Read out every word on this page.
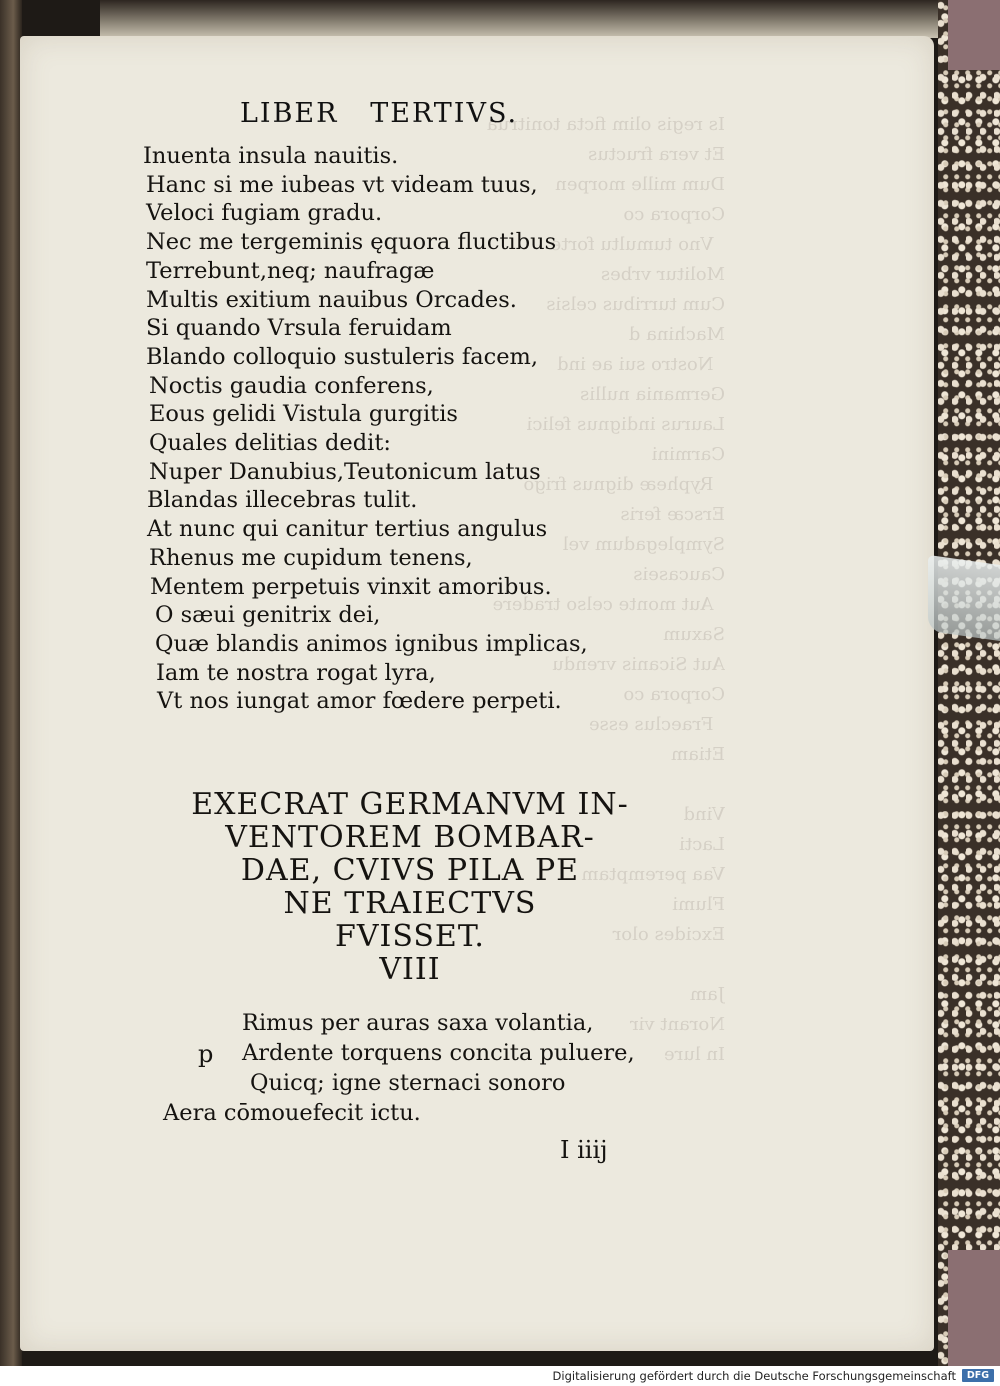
Is regis olim ficta tonitrua
Et vera fructus
Dum mille morpen
Corpora co
Vno tumultu forte
Molitur vrbes
Cum turribus celsis
Machina d
Nostro sui ae ind
Germania nullis
Laurus indignus felici
Carmini
Rypheæ dignus frigo
Erscæ feris
Symplegadum vel
Caucaseis
Aut monte celso tradere
Saxum
Aut Sicanis vrendu
Corpora co
Fraeclus esse
Etiam

Vind
Lacti
Vaa peremptam
Flumi
Excides olor

Jam
Norant vir
In lure
LIBER   TERTIVS.
Inuenta insula nauitis.
Hanc si me iubeas vt videam tuus,
Veloci fugiam gradu.
Nec me tergeminis ęquora fluctibus
Terrebunt,neq; naufragæ
Multis exitium nauibus Orcades.
Si quando Vrsula feruidam
Blando colloquio sustuleris facem,
Noctis gaudia conferens,
Eous gelidi Vistula gurgitis
Quales delitias dedit:
Nuper Danubius,Teutonicum latus
Blandas illecebras tulit.
At nunc qui canitur tertius angulus
Rhenus me cupidum tenens,
Mentem perpetuis vinxit amoribus.
O sæui genitrix dei,
Quæ blandis animos ignibus implicas,
Iam te nostra rogat lyra,
Vt nos iungat amor fœdere perpeti.
EXECRAT GERMANVM IN-
VENTOREM BOMBAR-
DAE, CVIVS PILA PE
NE TRAIECTVS
FVISSET.
VIII
p
Rimus per auras saxa volantia,
Ardente torquens concita puluere,
Quicq; igne sternaci sonoro
Aera cōmouefecit ictu.
I iiij
Digitalisierung gefördert durch die Deutsche Forschungsgemeinschaft	DFG
